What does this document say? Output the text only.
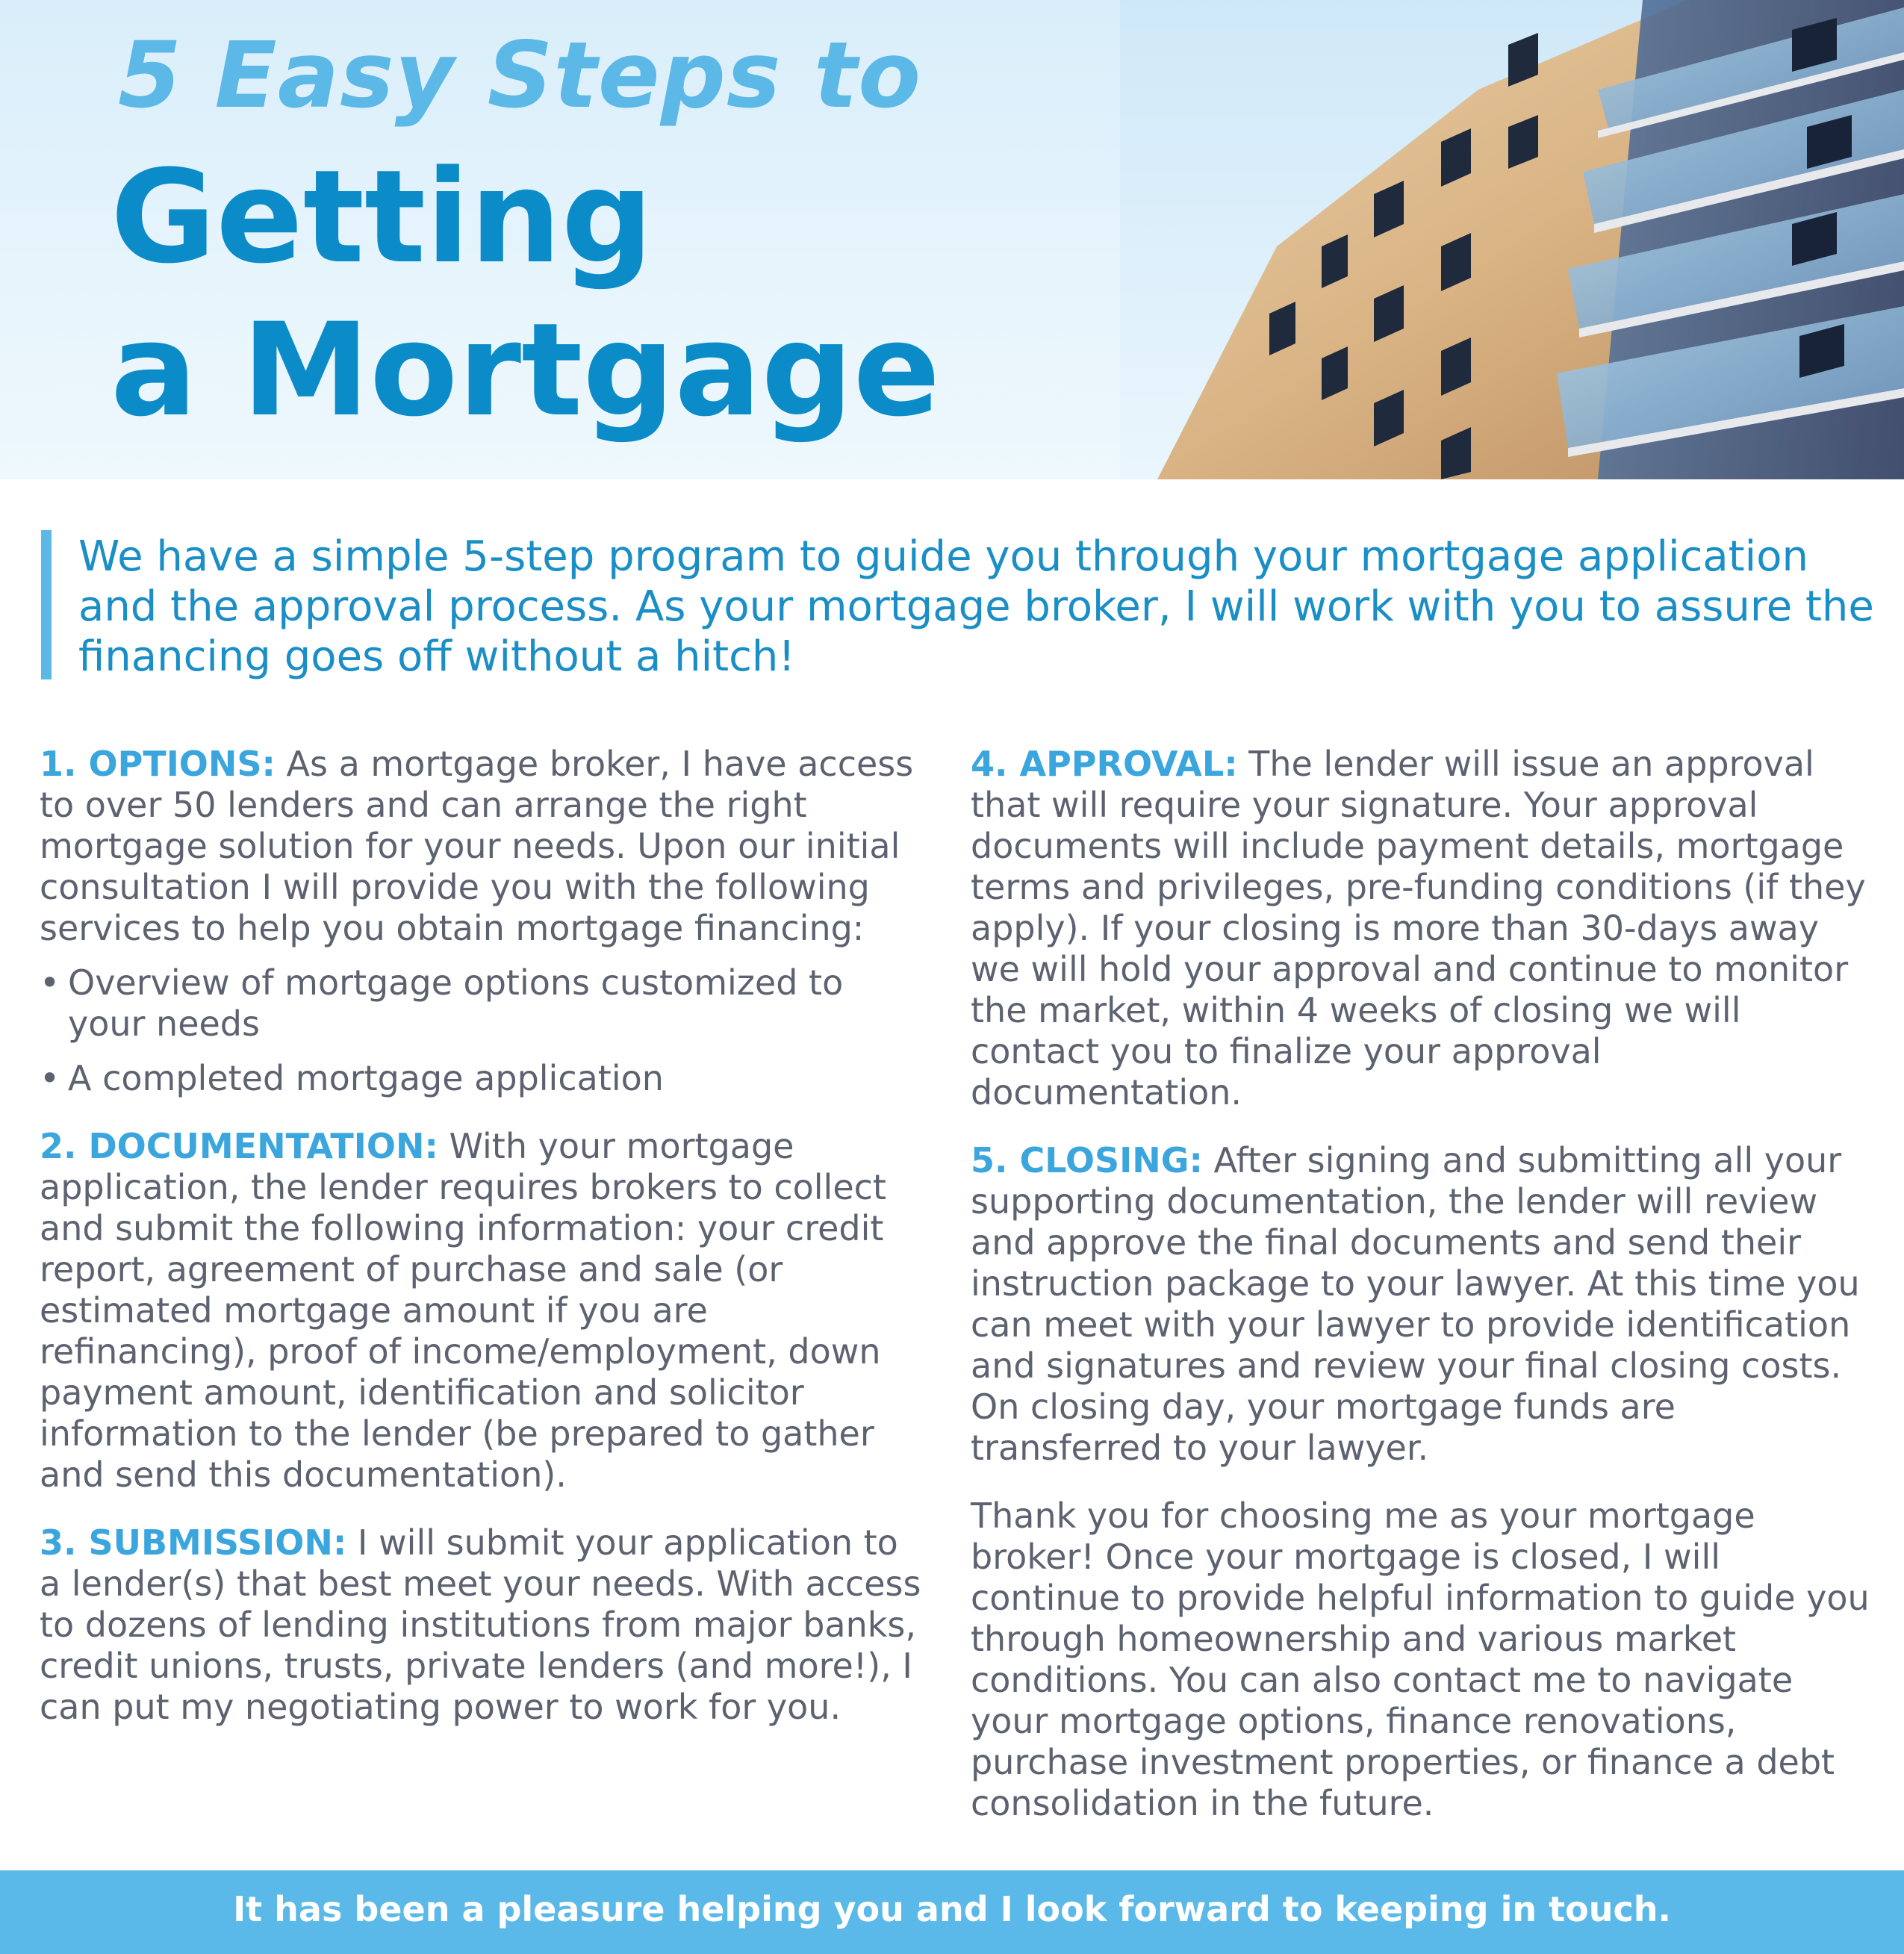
5 Easy Steps to
Getting
a Mortgage

We have a simple 5-step program to guide you through your mortgage application and the approval process. As your mortgage broker, I will work with you to assure the financing goes off without a hitch!

1. OPTIONS: As a mortgage broker, I have access to over 50 lenders and can arrange the right mortgage solution for your needs. Upon our initial consultation I will provide you with the following services to help you obtain mortgage financing:

• Overview of mortgage options customized to your needs
• A completed mortgage application

2. DOCUMENTATION: With your mortgage application, the lender requires brokers to collect and submit the following information: your credit report, agreement of purchase and sale (or estimated mortgage amount if you are refinancing), proof of income/employment, down payment amount, identification and solicitor information to the lender (be prepared to gather and send this documentation).

3. SUBMISSION: I will submit your application to a lender(s) that best meet your needs. With access to dozens of lending institutions from major banks, credit unions, trusts, private lenders (and more!), I can put my negotiating power to work for you.

4. APPROVAL: The lender will issue an approval that will require your signature. Your approval documents will include payment details, mortgage terms and privileges, pre-funding conditions (if they apply). If your closing is more than 30-days away we will hold your approval and continue to monitor the market, within 4 weeks of closing we will contact you to finalize your approval documentation.

5. CLOSING: After signing and submitting all your supporting documentation, the lender will review and approve the final documents and send their instruction package to your lawyer. At this time you can meet with your lawyer to provide identification and signatures and review your final closing costs. On closing day, your mortgage funds are transferred to your lawyer.

Thank you for choosing me as your mortgage broker! Once your mortgage is closed, I will continue to provide helpful information to guide you through homeownership and various market conditions. You can also contact me to navigate your mortgage options, finance renovations, purchase investment properties, or finance a debt consolidation in the future.

It has been a pleasure helping you and I look forward to keeping in touch.
